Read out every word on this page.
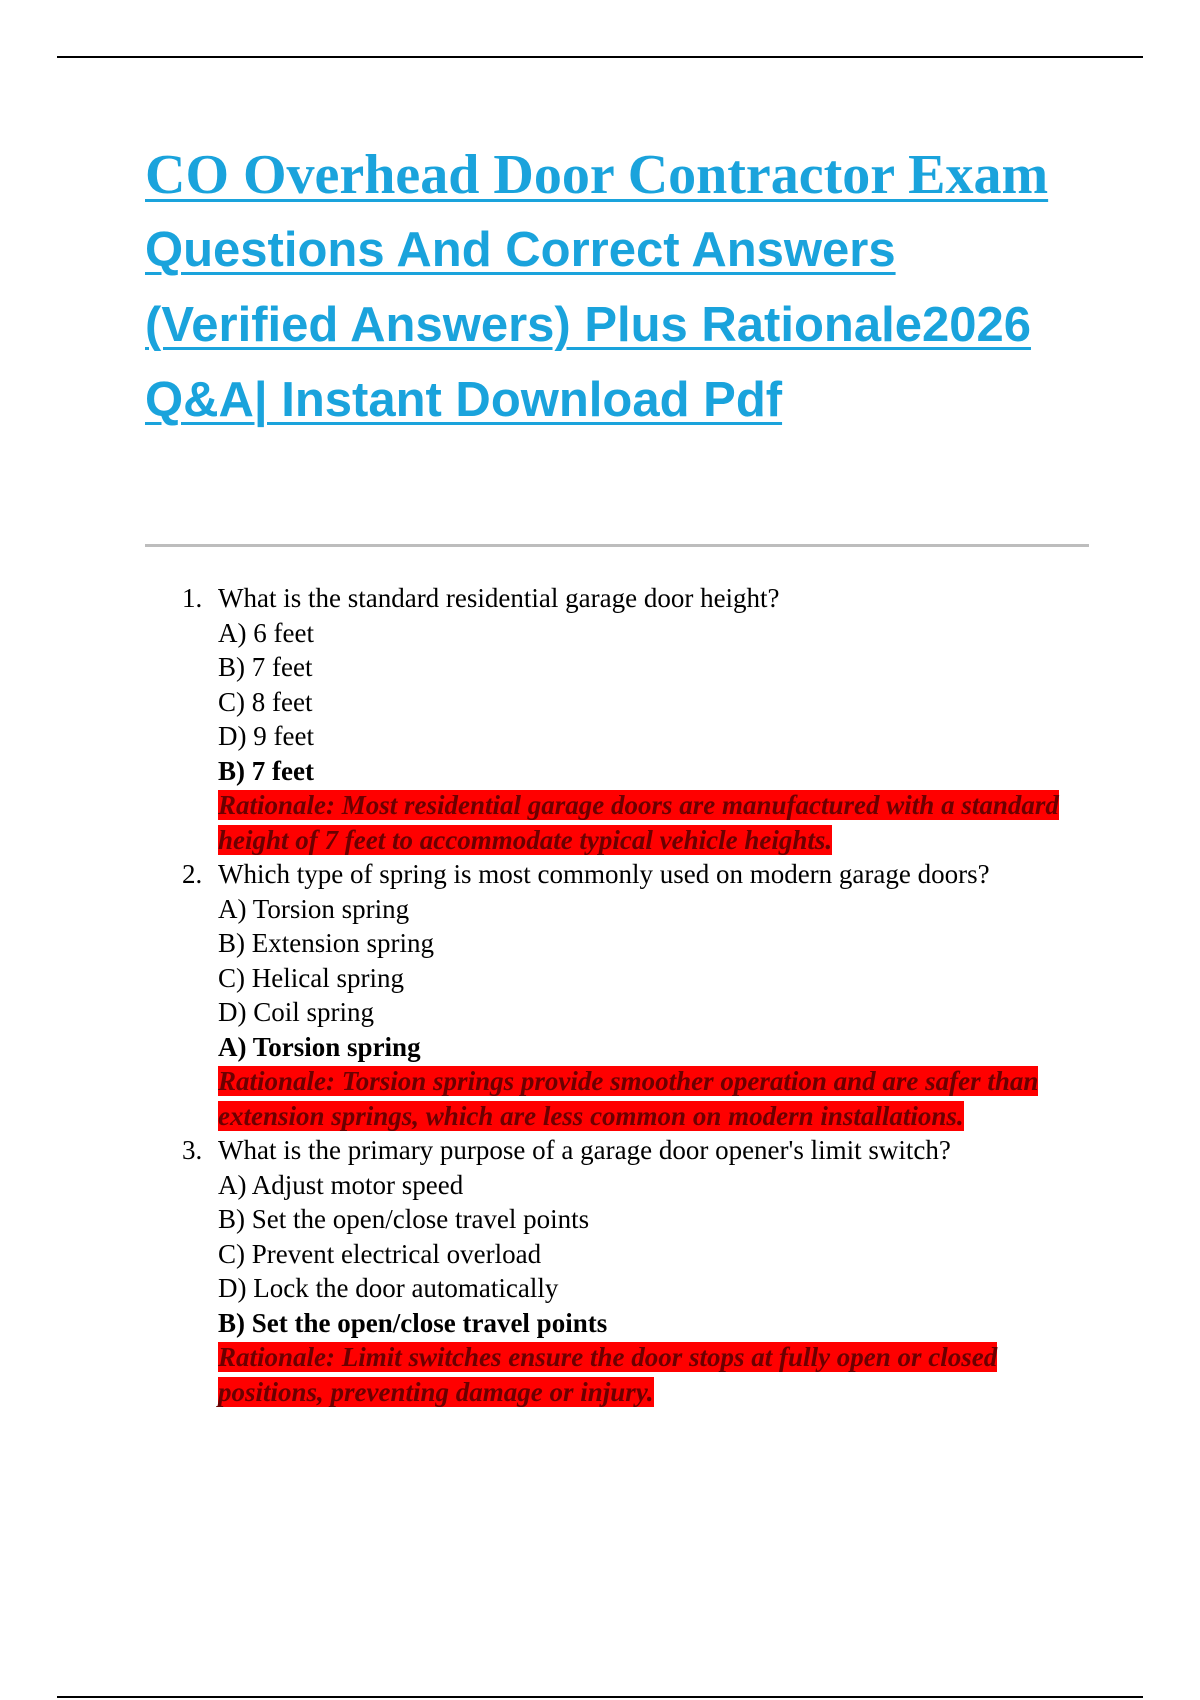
CO Overhead Door Contractor Exam
Questions And Correct Answers
(Verified Answers) Plus Rationale2026
Q&A| Instant Download Pdf
1. What is the standard residential garage door height?
A) 6 feet
B) 7 feet
C) 8 feet
D) 9 feet
B) 7 feet
Rationale: Most residential garage doors are manufactured with a standard height of 7 feet to accommodate typical vehicle heights.
2. Which type of spring is most commonly used on modern garage doors?
A) Torsion spring
B) Extension spring
C) Helical spring
D) Coil spring
A) Torsion spring
Rationale: Torsion springs provide smoother operation and are safer than extension springs, which are less common on modern installations.
3. What is the primary purpose of a garage door opener's limit switch?
A) Adjust motor speed
B) Set the open/close travel points
C) Prevent electrical overload
D) Lock the door automatically
B) Set the open/close travel points
Rationale: Limit switches ensure the door stops at fully open or closed positions, preventing damage or injury.
